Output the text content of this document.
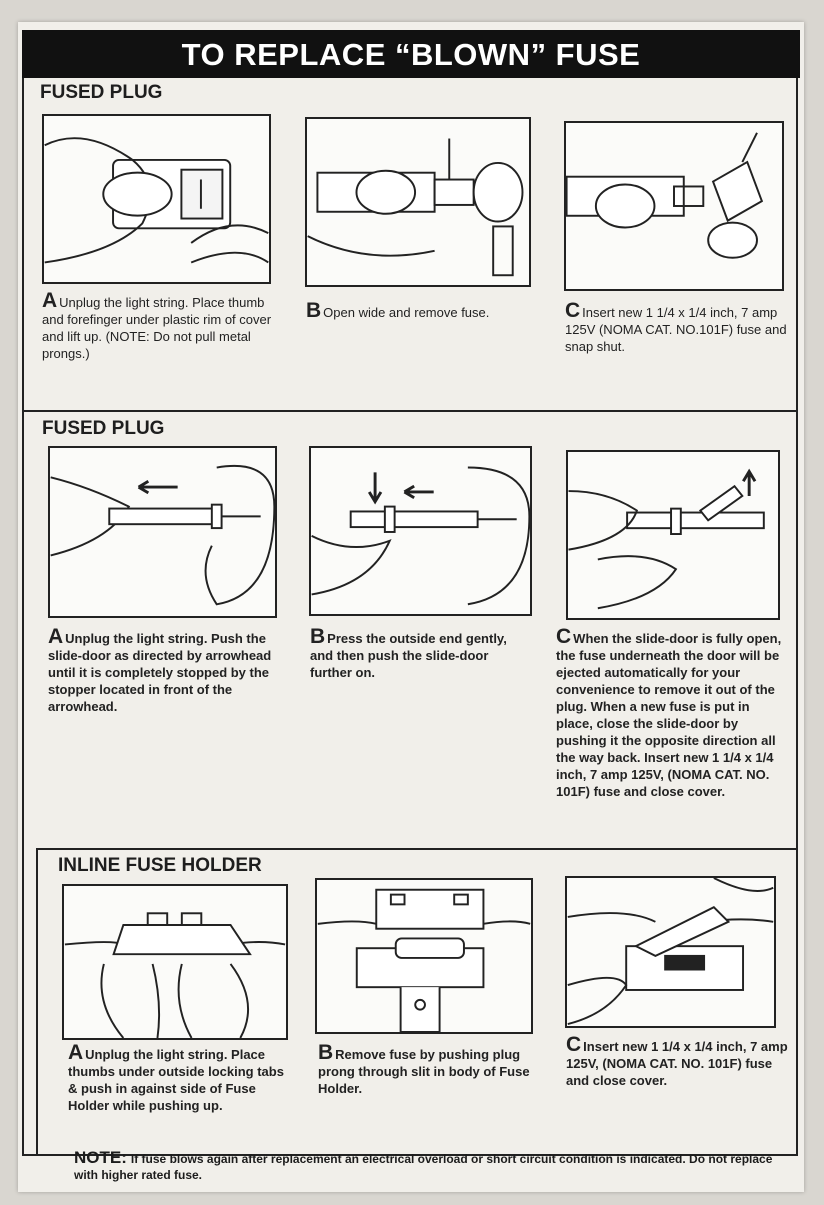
TO REPLACE “BLOWN” FUSE

FUSED PLUG

A Unplug the light string. Place thumb and forefinger under plastic rim of cover and lift up. (NOTE: Do not pull metal prongs.)

B Open wide and remove fuse.	C Insert new 1 1/4 x 1/4 inch, 7 amp 125V (NOMA CAT. NO.101F) fuse and snap shut.

FUSED PLUG

A Unplug the light string. Push the slide-door as directed by arrowhead until it is completely stopped by the stopper located in front of the arrowhead.

B Press the outside end gently, and then push the slide-door further on.

C When the slide-door is fully open, the fuse underneath the door will be ejected automatically for your convenience to remove it out of the plug. When a new fuse is put in place, close the slide-door by pushing it the opposite direction all the way back. Insert new 1 1/4 x 1/4 inch, 7 amp 125V, (NOMA CAT. NO. 101F) fuse and close cover.

INLINE FUSE HOLDER

A Unplug the light string. Place thumbs under outside locking tabs & push in against side of Fuse Holder while pushing up.

B Remove fuse by pushing plug prong through slit in body of Fuse Holder.

C Insert new 1 1/4 x 1/4 inch, 7 amp 125V, (NOMA CAT. NO. 101F) fuse and close cover.

NOTE: If fuse blows again after replacement an electrical overload or short circuit condition is indicated. Do not replace with higher rated fuse.
